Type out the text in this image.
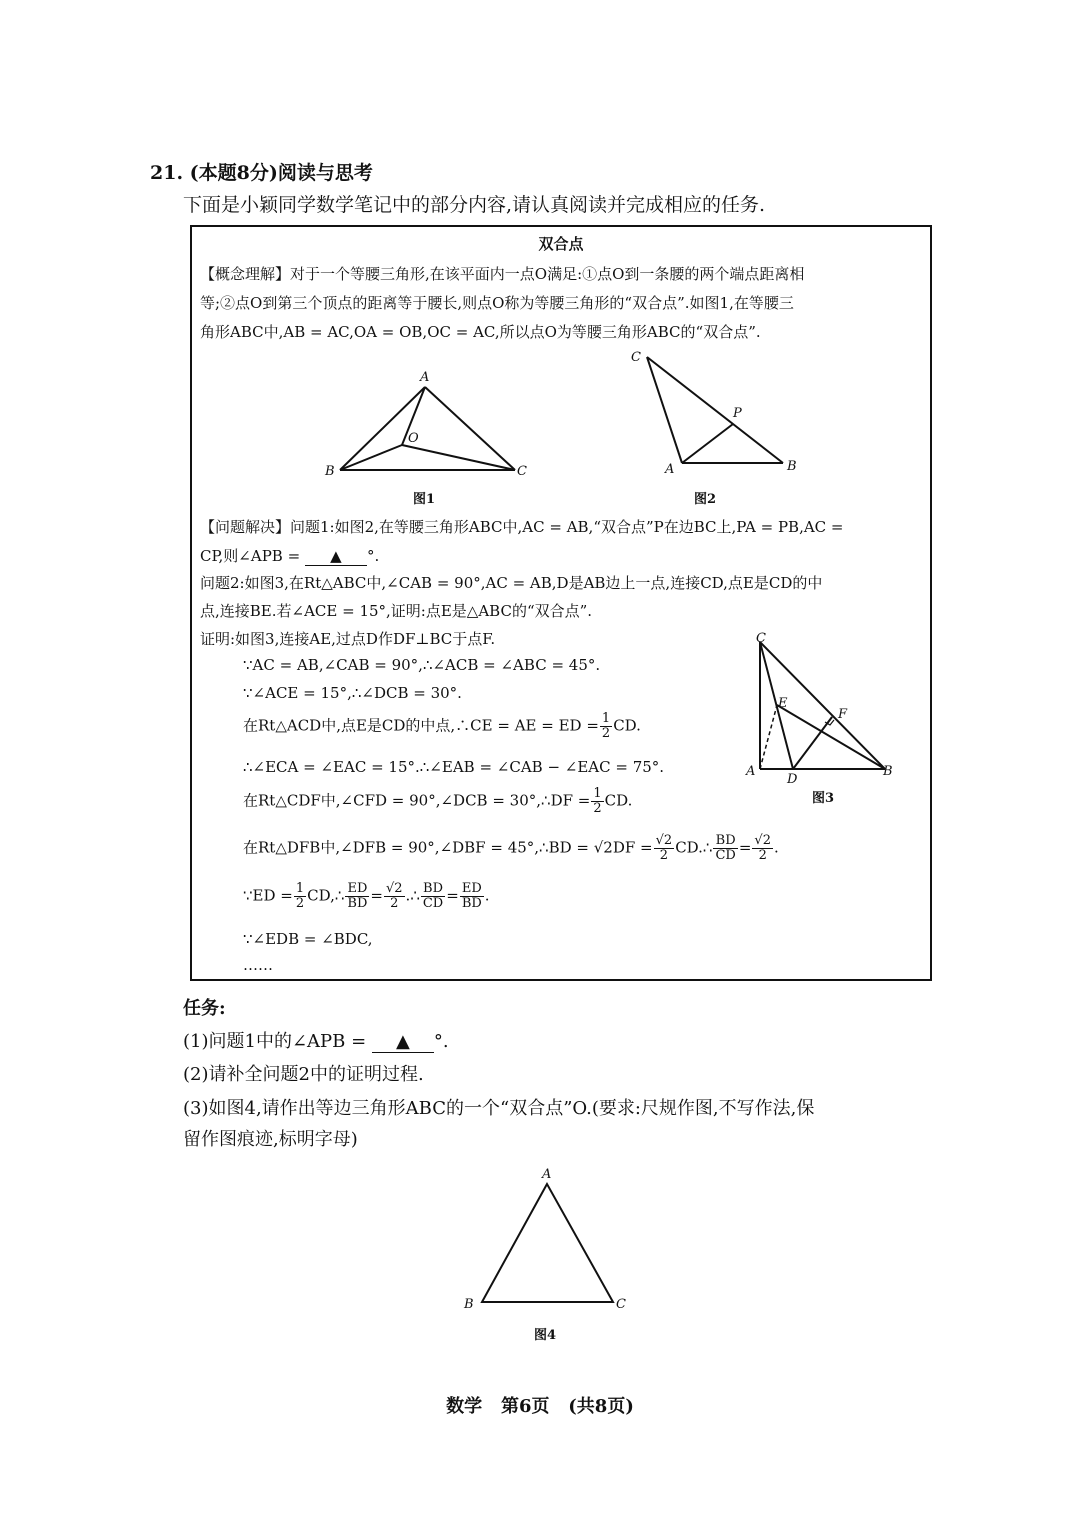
21. (本题8分)阅读与思考
下面是小颖同学数学笔记中的部分内容,请认真阅读并完成相应的任务.
双合点
【概念理解】对于一个等腰三角形,在该平面内一点O满足:①点O到一条腰的两个端点距离相
等;②点O到第三个顶点的距离等于腰长,则点O称为等腰三角形的“双合点”.如图1,在等腰三
角形ABC中,AB = AC,OA = OB,OC = AC,所以点O为等腰三角形ABC的“双合点”.
A
B	C
O
图1
C
P
A	B
图2
【问题解决】问题1:如图2,在等腰三角形ABC中,AC = AB,“双合点”P在边BC上,PA = PB,AC =
CP,则∠APB = ▲ °.
问题2:如图3,在Rt△ABC中,∠CAB = 90°,AC = AB,D是AB边上一点,连接CD,点E是CD的中
点,连接BE.若∠ACE = 15°,证明:点E是△ABC的“双合点”.
证明:如图3,连接AE,过点D作DF⊥BC于点F.
∵AC = AB,∠CAB = 90°,∴∠ACB = ∠ABC = 45°.
∵∠ACE = 15°,∴∠DCB = 30°.
在Rt△ACD中,点E是CD的中点,∴CE = AE = ED = $\frac{1}{2}$ CD.
∴∠ECA = ∠EAC = 15°.∴∠EAB = ∠CAB − ∠EAC = 75°.
在Rt△CDF中,∠CFD = 90°,∠DCB = 30°,∴DF = $\frac{1}{2}$ CD.
在Rt△DFB中,∠DFB = 90°,∠DBF = 45°,∴BD = $√2DF = \frac{√2}{2}$ CD.∴ $\frac{BD}{CD} = \frac{√2}{2}$ .
∵ED = $\frac{1}{2}$ CD,∴ $\frac{ED}{BD} = \frac{√2}{2}$ .∴ $\frac{BD}{CD} = \frac{ED}{BD}$ .
∵∠EDB = ∠BDC,
……
C
E
F
A
D
B
图3
任务:
(1)问题1中的∠APB = ▲ °.
(2)请补全问题2中的证明过程.
(3)如图4,请作出等边三角形ABC的一个“双合点”O.(要求:尺规作图,不写作法,保
留作图痕迹,标明字母)
A
B	C
图4
数学   第6页   (共8页)
